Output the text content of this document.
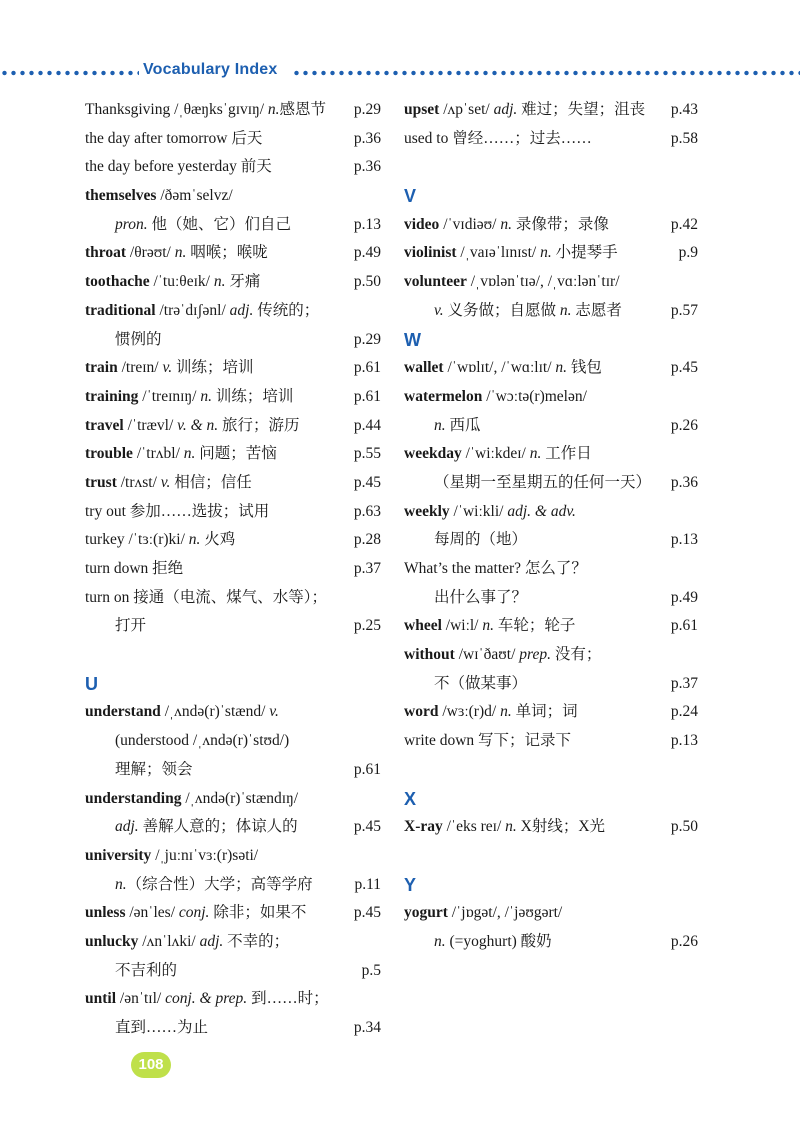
Vocabulary Index
Thanksgiving /ˌθæŋksˈgɪvɪŋ/ n.感恩节 p.29
the day after tomorrow 后天	p.36
the day before yesterday 前天	p.36
themselves /ðəmˈselvz/
pron. 他（她、它）们自己	p.13
throat /θrəʊt/ n. 咽喉；喉咙	p.49
toothache /ˈtuːθeɪk/ n. 牙痛	p.50
traditional /trəˈdɪʃənl/ adj. 传统的；
惯例的	p.29
train /treɪn/ v. 训练；培训	p.61
training /ˈtreɪnɪŋ/ n. 训练；培训	p.61
travel /ˈtrævl/ v. & n. 旅行；游历	p.44
trouble /ˈtrʌbl/ n. 问题；苦恼	p.55
trust /trʌst/ v. 相信；信任	p.45
try out 参加……选拔；试用	p.63
turkey /ˈtɜː(r)ki/ n. 火鸡	p.28
turn down 拒绝	p.37
turn on 接通（电流、煤气、水等）；
打开	p.25
U
understand /ˌʌndə(r)ˈstænd/ v.
(understood /ˌʌndə(r)ˈstʊd/)
理解；领会	p.61
understanding /ˌʌndə(r)ˈstændɪŋ/
adj. 善解人意的；体谅人的	p.45
university /ˌjuːnɪˈvɜː(r)səti/
n.（综合性）大学；高等学府	p.11
unless /ənˈles/ conj. 除非；如果不	p.45
unlucky /ʌnˈlʌki/ adj. 不幸的；
不吉利的	p.5
until /ənˈtɪl/ conj. & prep. 到……时；
直到……为止	p.34
upset /ʌpˈset/ adj. 难过；失望；沮丧 p.43
used to 曾经……；过去……	p.58
V
video /ˈvɪdiəʊ/ n. 录像带；录像	p.42
violinist /ˌvaɪəˈlɪnɪst/ n. 小提琴手	p.9
volunteer /ˌvɒlənˈtɪə/, /ˌvɑːlənˈtɪr/
v. 义务做；自愿做 n. 志愿者	p.57
W
wallet /ˈwɒlɪt/, /ˈwɑːlɪt/ n. 钱包	p.45
watermelon /ˈwɔːtə(r)melən/
n. 西瓜	p.26
weekday /ˈwiːkdeɪ/ n. 工作日
（星期一至星期五的任何一天） p.36
weekly /ˈwiːkli/ adj. & adv.
每周的（地）	p.13
What’s the matter? 怎么了？
出什么事了？	p.49
wheel /wiːl/ n. 车轮；轮子	p.61
without /wɪˈðaʊt/ prep. 没有；
不（做某事）	p.37
word /wɜː(r)d/ n. 单词；词	p.24
write down 写下；记录下	p.13
X
X-ray /ˈeks reɪ/ n. X射线；X光	p.50
Y
yogurt /ˈjɒgət/, /ˈjəʊgərt/
n. (=yoghurt) 酸奶	p.26
108
